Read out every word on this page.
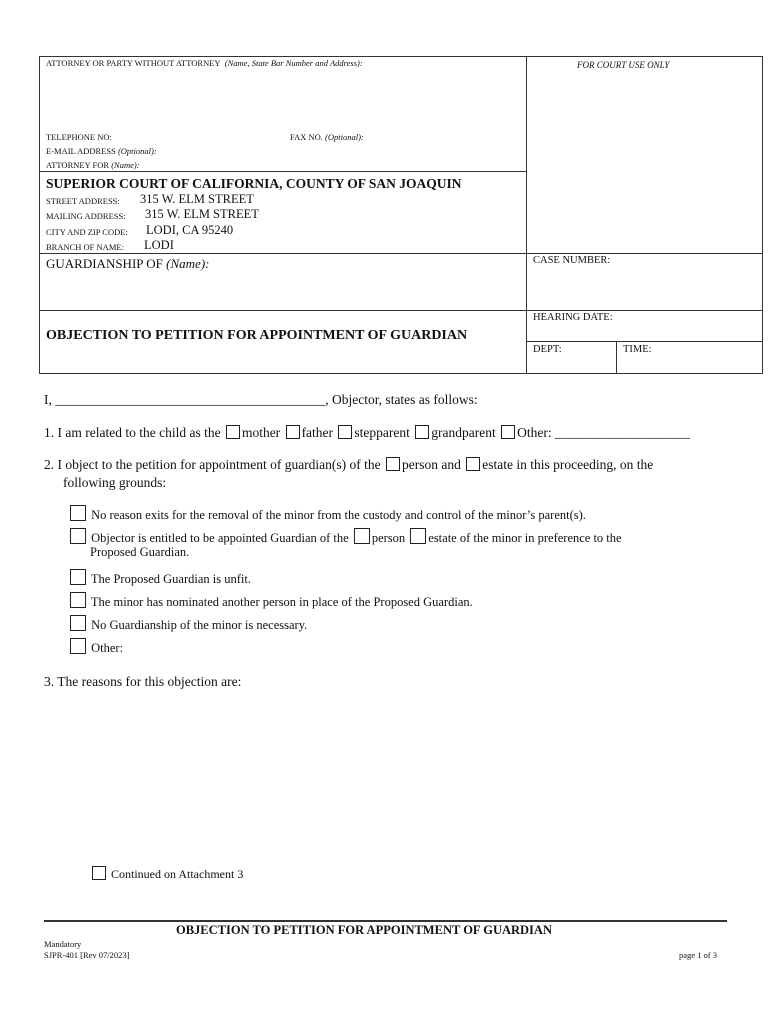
ATTORNEY OR PARTY WITHOUT ATTORNEY (Name, State Bar Number and Address):	FOR COURT USE ONLY
TELEPHONE NO:	FAX NO. (Optional):
E-MAIL ADDRESS (Optional):
ATTORNEY FOR (Name):
SUPERIOR COURT OF CALIFORNIA, COUNTY OF SAN JOAQUIN
STREET ADDRESS: 315 W. ELM STREET
MAILING ADDRESS: 315 W. ELM STREET
CITY AND ZIP CODE: LODI, CA 95240
BRANCH OF NAME: LODI
GUARDIANSHIP OF (Name):	CASE NUMBER:
OBJECTION TO PETITION FOR APPOINTMENT OF GUARDIAN
HEARING DATE:
DEPT:	TIME:
I, ________________________________________, Objector, states as follows:
1. I am related to the child as the mother father stepparent grandparent Other: ____________________
2. I object to the petition for appointment of guardian(s) of the person and estate in this proceeding, on the
following grounds:
No reason exits for the removal of the minor from the custody and control of the minor’s parent(s).
Objector is entitled to be appointed Guardian of the person estate of the minor in preference to the
Proposed Guardian.
The Proposed Guardian is unfit.
The minor has nominated another person in place of the Proposed Guardian.
No Guardianship of the minor is necessary.
Other:
3. The reasons for this objection are:
Continued on Attachment 3
OBJECTION TO PETITION FOR APPOINTMENT OF GUARDIAN
Mandatory
SJPR-401 [Rev 07/2023]	page 1 of 3
